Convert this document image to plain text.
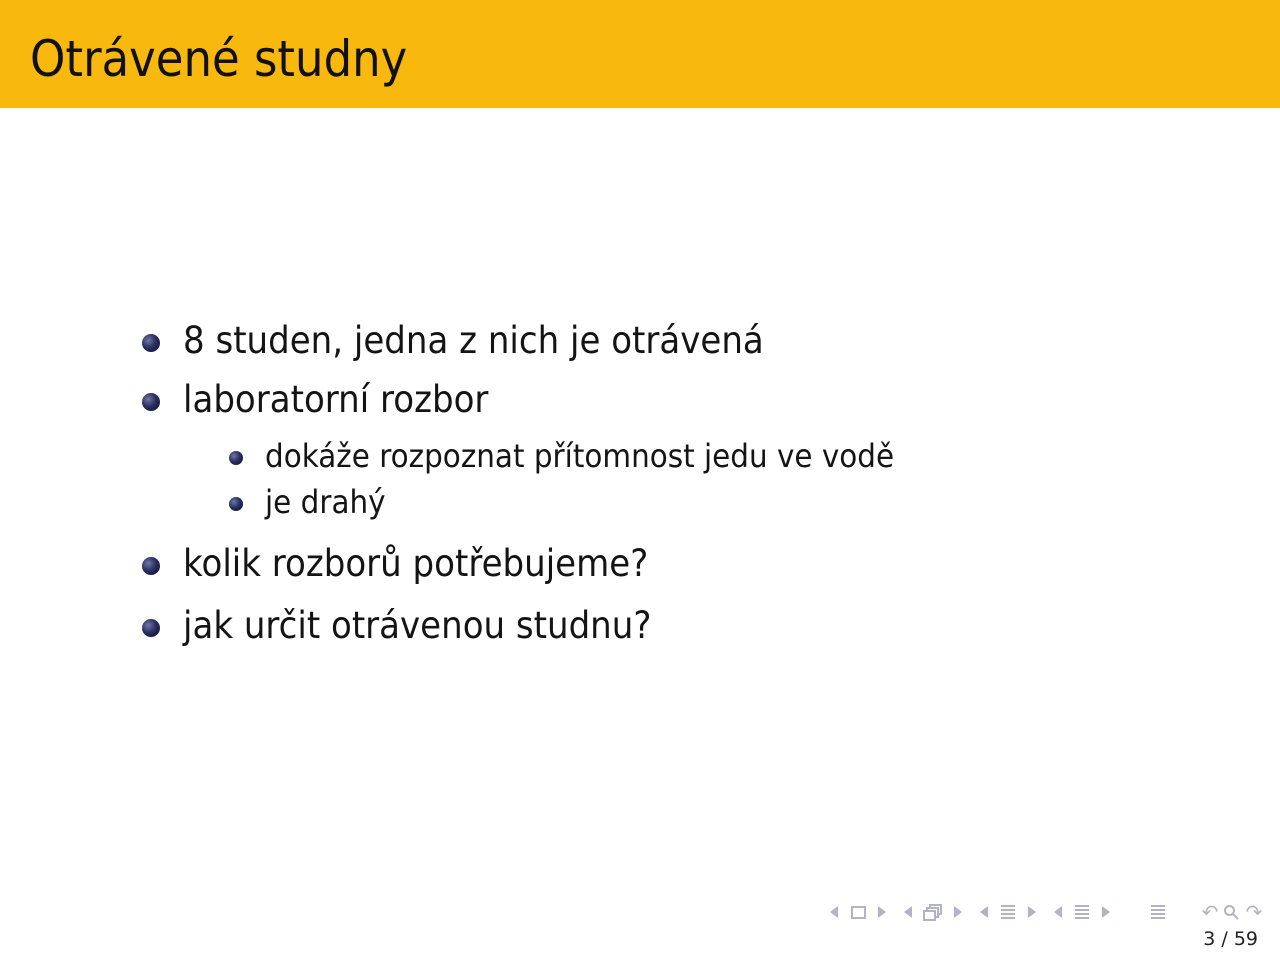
Otrávené studny
8 studen, jedna z nich je otrávená
laboratorní rozbor
dokáže rozpoznat přítomnost jedu ve vodě
je drahý
kolik rozborů potřebujeme?
jak určit otrávenou studnu?
↶ ↷
3 / 59
